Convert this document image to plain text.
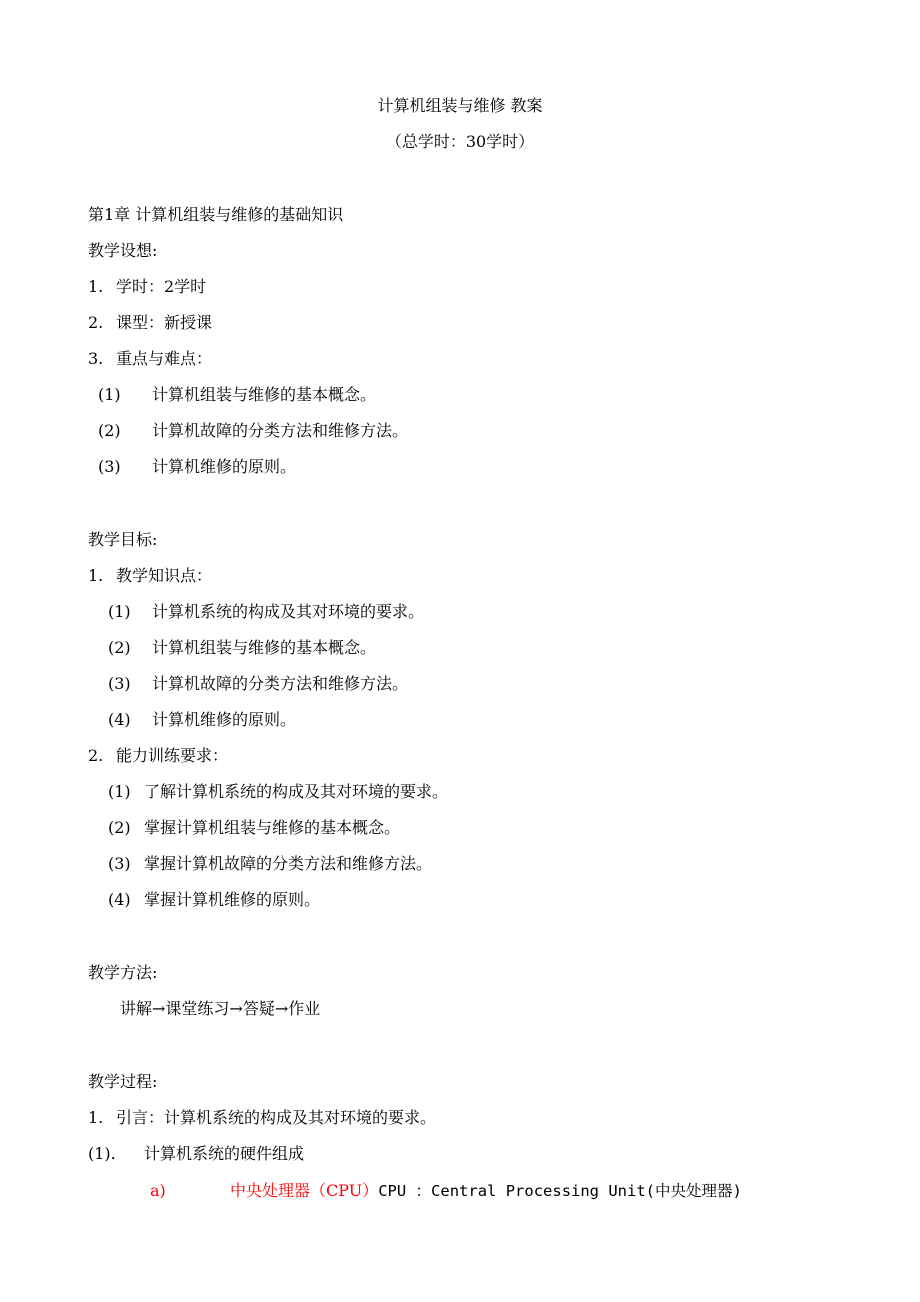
计算机组装与维修 教案
（总学时：30学时）
第1章 计算机组装与维修的基础知识
教学设想:
1. 学时：2学时
2. 课型：新授课
3. 重点与难点：
(1) 计算机组装与维修的基本概念。
(2) 计算机故障的分类方法和维修方法。
(3) 计算机维修的原则。
教学目标:
1. 教学知识点：
(1) 计算机系统的构成及其对环境的要求。
(2) 计算机组装与维修的基本概念。
(3) 计算机故障的分类方法和维修方法。
(4) 计算机维修的原则。
2. 能力训练要求：
(1) 了解计算机系统的构成及其对环境的要求。
(2) 掌握计算机组装与维修的基本概念。
(3) 掌握计算机故障的分类方法和维修方法。
(4) 掌握计算机维修的原则。
教学方法:
讲解→课堂练习→答疑→作业
教学过程:
1. 引言：计算机系统的构成及其对环境的要求。
(1). 计算机系统的硬件组成
a)	中央处理器（CPU）CPU ：Central Processing Unit(中央处理器)
